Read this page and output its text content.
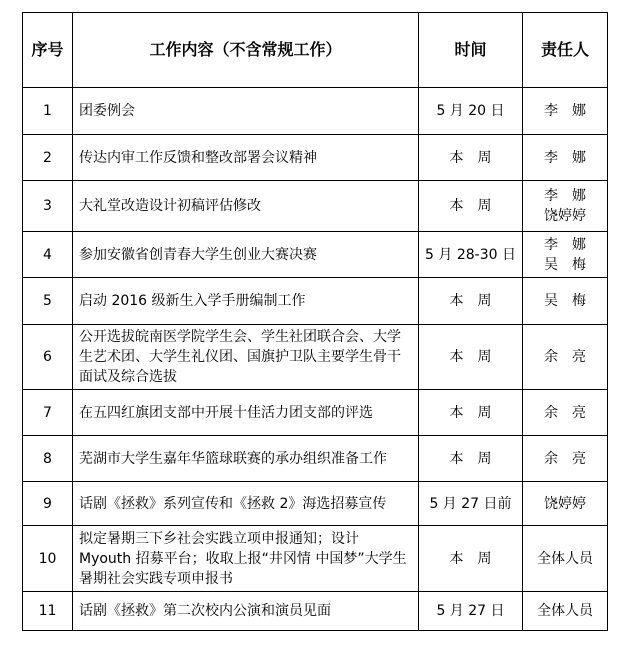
序号	工作内容（不含常规工作）	时间	责任人
1	团委例会	5 月 20 日	李　娜

2	传达内审工作反馈和整改部署会议精神	本　周	李　娜

3	大礼堂改造设计初稿评估修改	本　周	李　娜
饶婷婷

4	参加安徽省创青春大学生创业大赛决赛	5 月 28-30 日	李　娜
吴　梅

5	启动 2016 级新生入学手册编制工作	本　周	吴　梅

6	公开选拔皖南医学院学生会、学生社团联合会、大学生艺术团、大学生礼仪团、国旗护卫队主要学生骨干面试及综合选拔	本　周	余　亮

7	在五四红旗团支部中开展十佳活力团支部的评选	本　周	余　亮

8	芜湖市大学生嘉年华篮球联赛的承办组织准备工作	本　周	余　亮

9	话剧《拯救》系列宣传和《拯救 2》海选招募宣传	5 月 27 日前	饶婷婷

10	拟定暑期三下乡社会实践立项申报通知；设计 Myouth 招募平台；收取上报“井冈情 中国梦”大学生暑期社会实践专项申报书	本　周	全体人员

11	话剧《拯救》第二次校内公演和演员见面	5 月 27 日	全体人员
